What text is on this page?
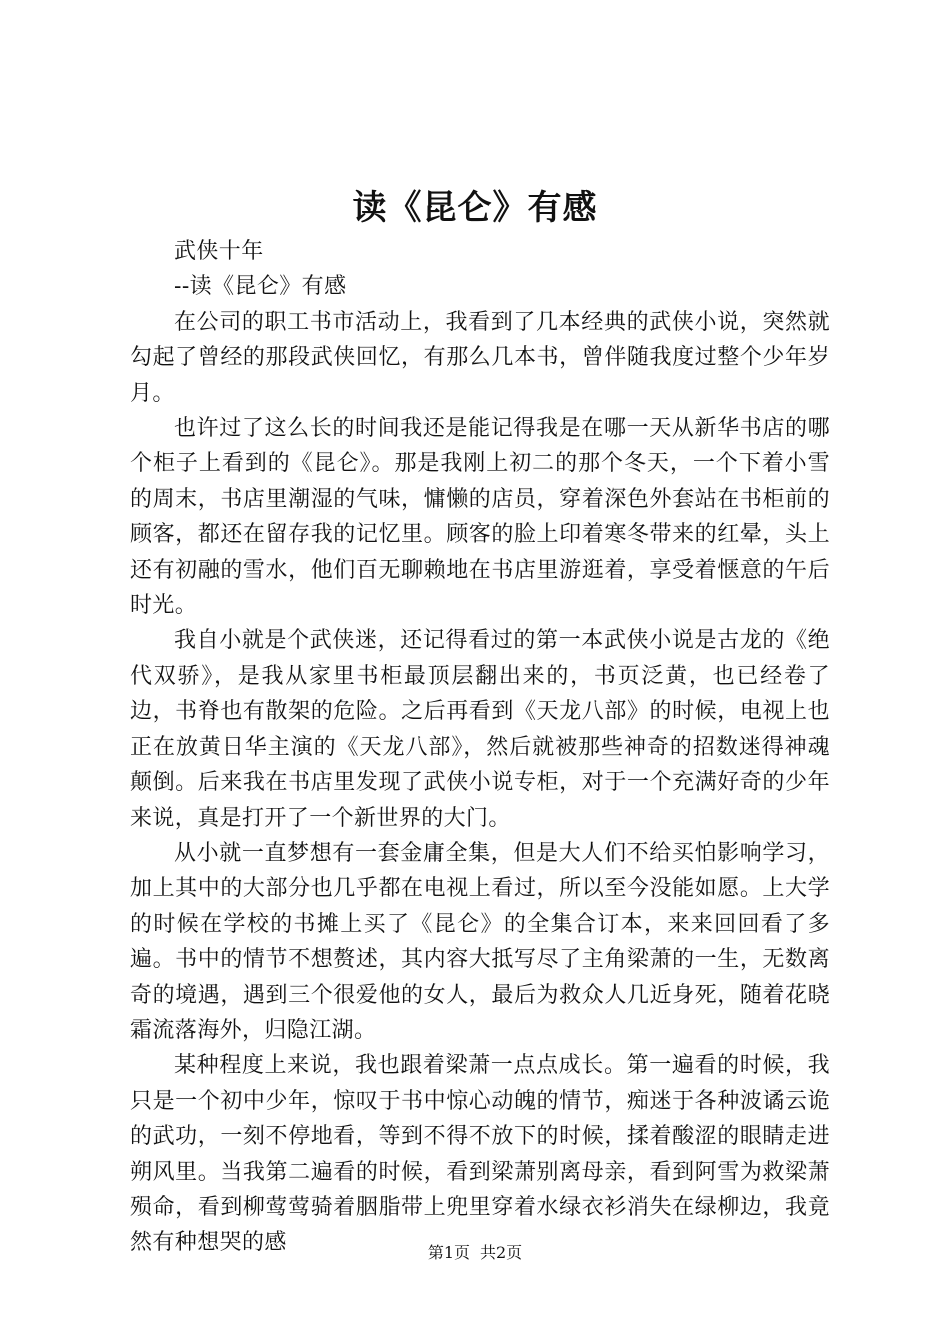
读《昆仑》有感

武侠十年

--读《昆仑》有感

在公司的职工书市活动上，我看到了几本经典的武侠小说，突然就勾起了曾经的那段武侠回忆，有那么几本书，曾伴随我度过整个少年岁月。

也许过了这么长的时间我还是能记得我是在哪一天从新华书店的哪个柜子上看到的《昆仑》。那是我刚上初二的那个冬天，一个下着小雪的周末，书店里潮湿的气味，慵懒的店员，穿着深色外套站在书柜前的顾客，都还在留存我的记忆里。顾客的脸上印着寒冬带来的红晕，头上还有初融的雪水，他们百无聊赖地在书店里游逛着，享受着惬意的午后时光。

我自小就是个武侠迷，还记得看过的第一本武侠小说是古龙的《绝代双骄》，是我从家里书柜最顶层翻出来的，书页泛黄，也已经卷了边，书脊也有散架的危险。之后再看到《天龙八部》的时候，电视上也正在放黄日华主演的《天龙八部》，然后就被那些神奇的招数迷得神魂颠倒。后来我在书店里发现了武侠小说专柜，对于一个充满好奇的少年来说，真是打开了一个新世界的大门。

从小就一直梦想有一套金庸全集，但是大人们不给买怕影响学习，加上其中的大部分也几乎都在电视上看过，所以至今没能如愿。上大学的时候在学校的书摊上买了《昆仑》的全集合订本，来来回回看了多遍。书中的情节不想赘述，其内容大抵写尽了主角梁萧的一生，无数离奇的境遇，遇到三个很爱他的女人，最后为救众人几近身死，随着花晓霜流落海外，归隐江湖。

某种程度上来说，我也跟着梁萧一点点成长。第一遍看的时候，我只是一个初中少年，惊叹于书中惊心动魄的情节，痴迷于各种波谲云诡的武功，一刻不停地看，等到不得不放下的时候，揉着酸涩的眼睛走进朔风里。当我第二遍看的时候，看到梁萧别离母亲，看到阿雪为救梁萧殒命，看到柳莺莺骑着胭脂带上兜里穿着水绿衣衫消失在绿柳边，我竟然有种想哭的感	第1页 共2页
